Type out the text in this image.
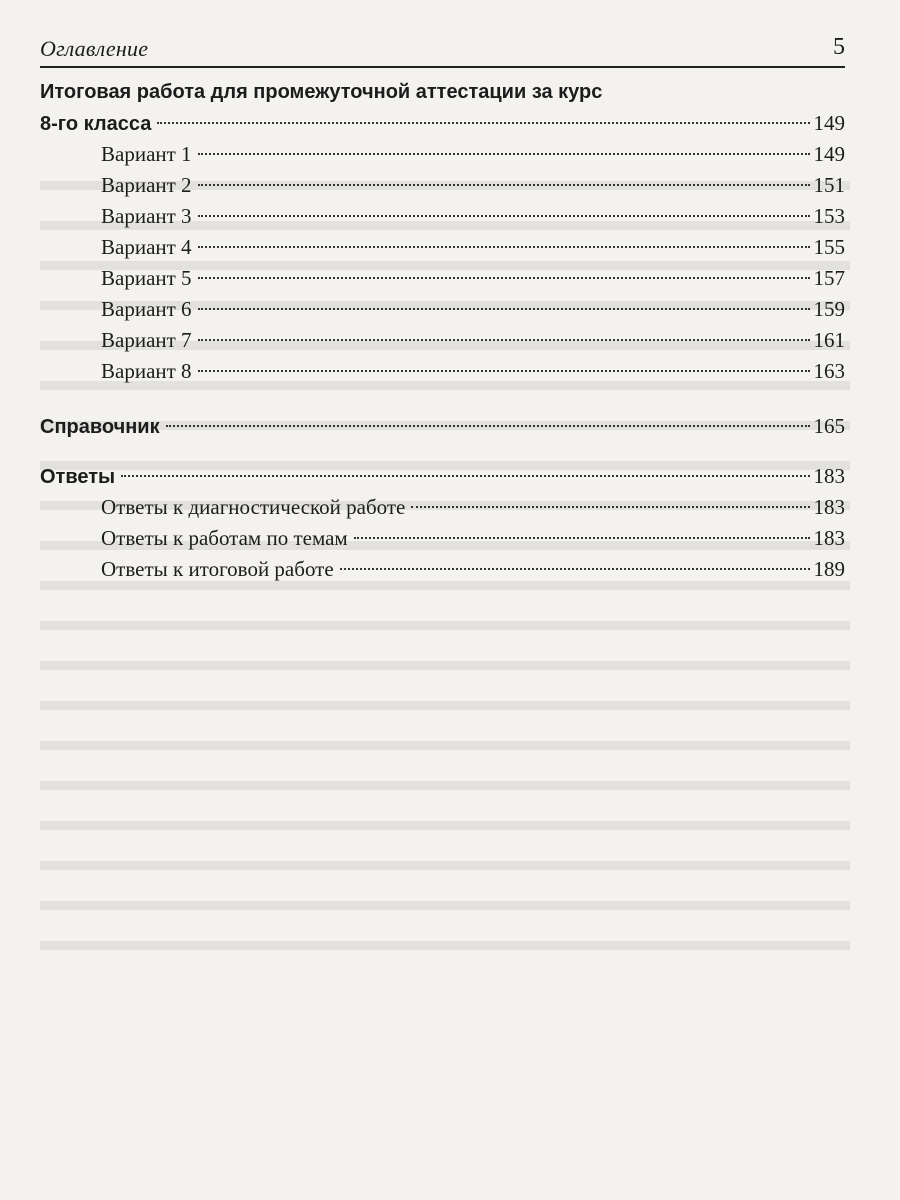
Оглавление	5
Итоговая работа для промежуточной аттестации за курс
8-го класса	149
Вариант 1	149
Вариант 2	151
Вариант 3	153
Вариант 4	155
Вариант 5	157
Вариант 6	159
Вариант 7	161
Вариант 8	163
Справочник	165
Ответы	183
Ответы к диагностической работе	183
Ответы к работам по темам	183
Ответы к итоговой работе	189
